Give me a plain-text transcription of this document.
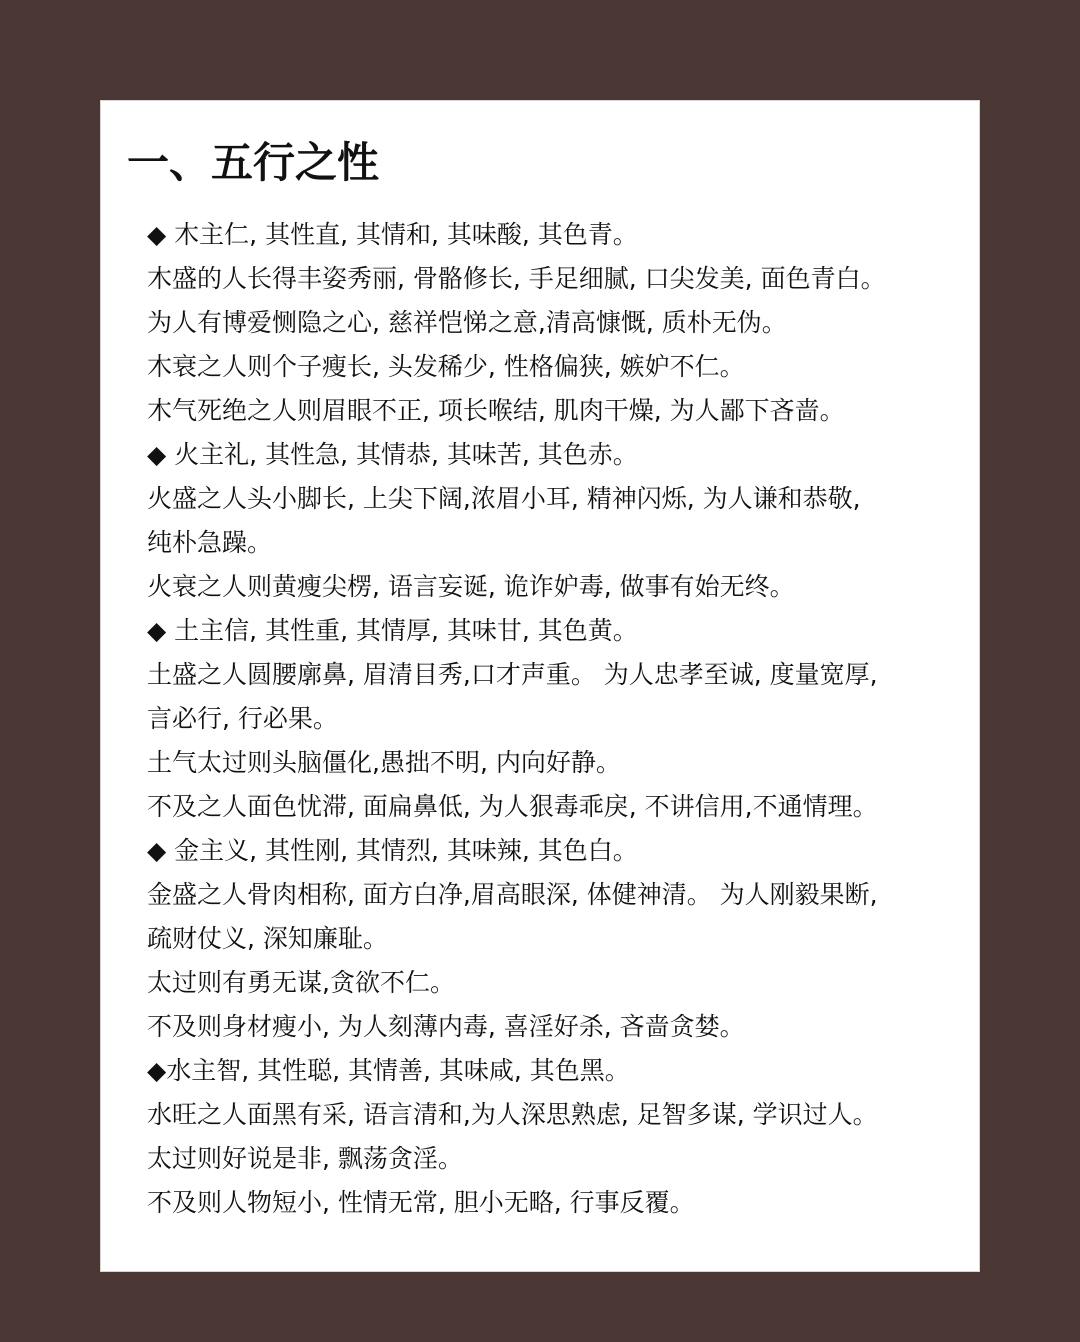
一、五行之性
◆ 木主仁, 其性直, 其情和, 其味酸, 其色青。
木盛的人长得丰姿秀丽, 骨骼修长, 手足细腻, 口尖发美, 面色青白。
为人有博爱恻隐之心, 慈祥恺悌之意,清高慷慨, 质朴无伪。
木衰之人则个子瘦长, 头发稀少, 性格偏狭, 嫉妒不仁。
木气死绝之人则眉眼不正, 项长喉结, 肌肉干燥, 为人鄙下吝啬。
◆ 火主礼, 其性急, 其情恭, 其味苦, 其色赤。
火盛之人头小脚长, 上尖下阔,浓眉小耳, 精神闪烁, 为人谦和恭敬,
纯朴急躁。
火衰之人则黄瘦尖楞, 语言妄诞, 诡诈妒毒, 做事有始无终。
◆ 土主信, 其性重, 其情厚, 其味甘, 其色黄。
土盛之人圆腰廓鼻, 眉清目秀,口才声重。 为人忠孝至诚, 度量宽厚,
言必行, 行必果。
土气太过则头脑僵化,愚拙不明, 内向好静。
不及之人面色忧滞, 面扁鼻低, 为人狠毒乖戾, 不讲信用,不通情理。
◆ 金主义, 其性刚, 其情烈, 其味辣, 其色白。
金盛之人骨肉相称, 面方白净,眉高眼深, 体健神清。 为人刚毅果断,
疏财仗义, 深知廉耻。
太过则有勇无谋,贪欲不仁。
不及则身材瘦小, 为人刻薄内毒, 喜淫好杀, 吝啬贪婪。
◆水主智, 其性聪, 其情善, 其味咸, 其色黑。
水旺之人面黑有采, 语言清和,为人深思熟虑, 足智多谋, 学识过人。
太过则好说是非, 飘荡贪淫。
不及则人物短小, 性情无常, 胆小无略, 行事反覆。
